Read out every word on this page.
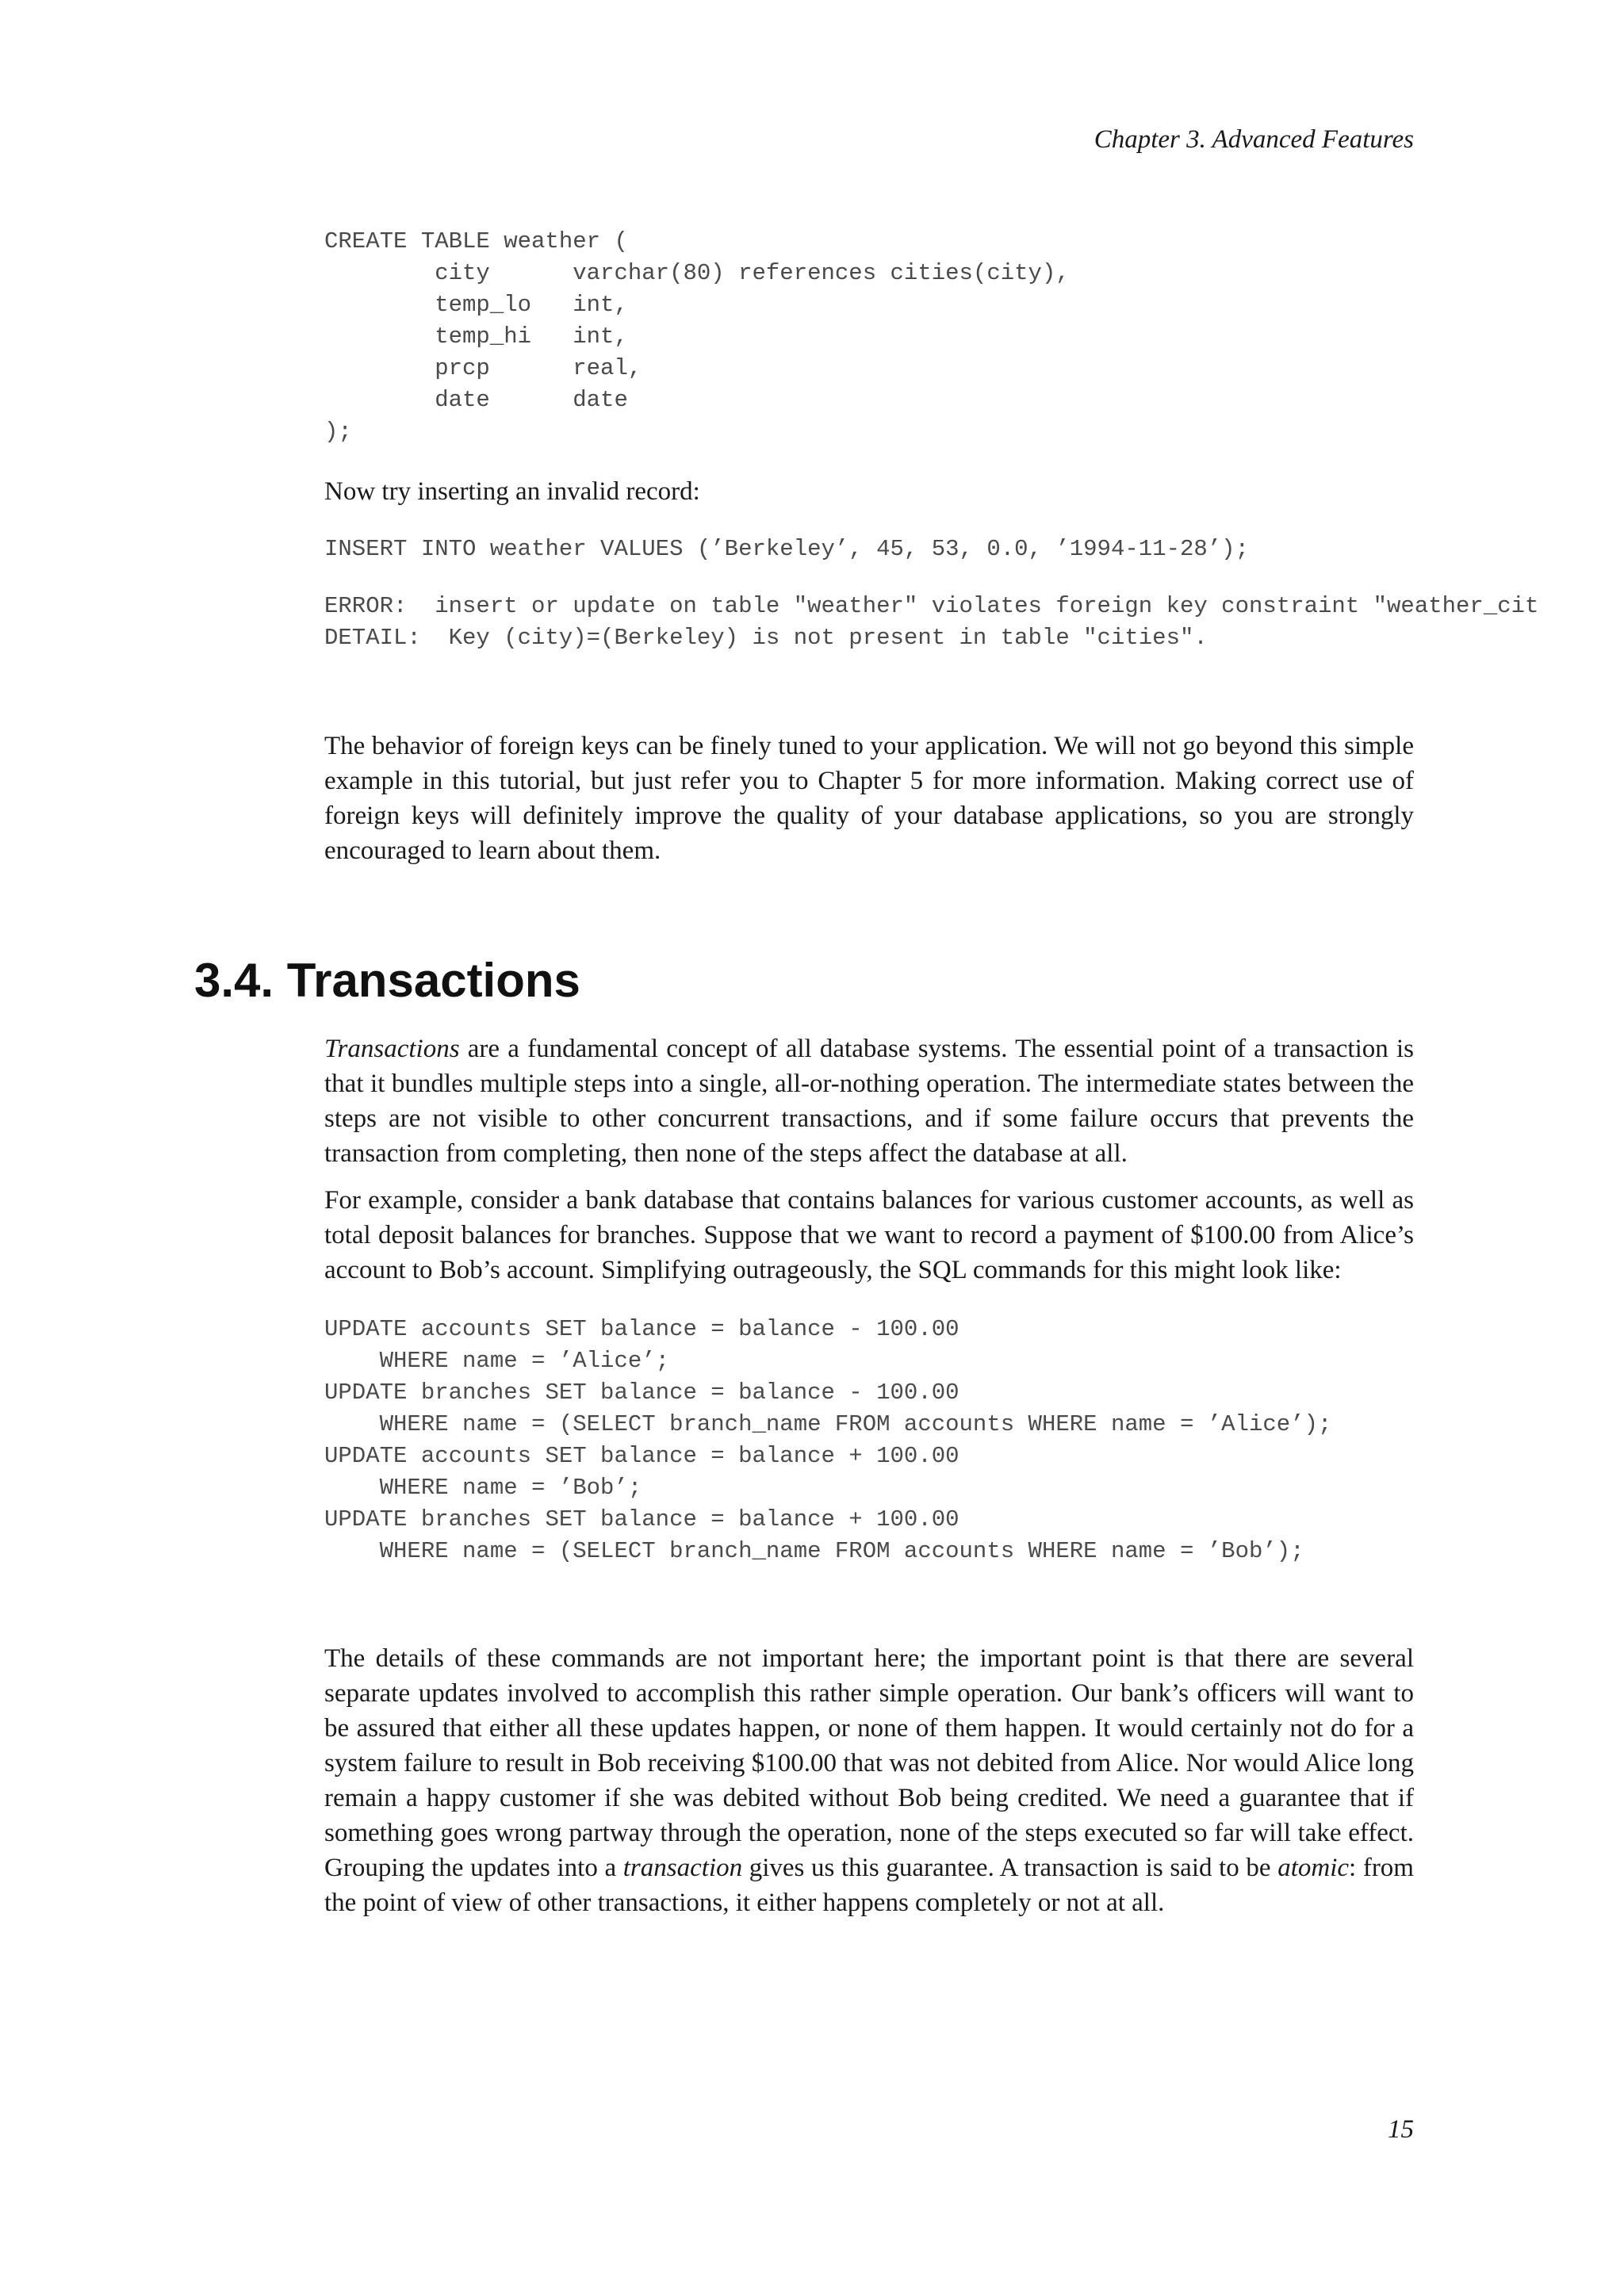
Chapter 3. Advanced Features
CREATE TABLE weather (
city      varchar(80) references cities(city),
temp_lo   int,
temp_hi   int,
prcp      real,
date      date
);

Now try inserting an invalid record:

INSERT INTO weather VALUES (’Berkeley’, 45, 53, 0.0, ’1994-11-28’);
ERROR:  insert or update on table "weather" violates foreign key constraint "weather_cit
DETAIL:  Key (city)=(Berkeley) is not present in table "cities".

The behavior of foreign keys can be finely tuned to your application. We will not go beyond this simple example in this tutorial, but just refer you to Chapter 5 for more information. Making correct use of foreign keys will definitely improve the quality of your database applications, so you are strongly encouraged to learn about them.

3.4. Transactions

Transactions are a fundamental concept of all database systems. The essential point of a transaction is that it bundles multiple steps into a single, all-or-nothing operation. The intermediate states between the steps are not visible to other concurrent transactions, and if some failure occurs that prevents the transaction from completing, then none of the steps affect the database at all.

For example, consider a bank database that contains balances for various customer accounts, as well as total deposit balances for branches. Suppose that we want to record a payment of $100.00 from Alice’s account to Bob’s account. Simplifying outrageously, the SQL commands for this might look like:

UPDATE accounts SET balance = balance - 100.00
WHERE name = ’Alice’;
UPDATE branches SET balance = balance - 100.00
WHERE name = (SELECT branch_name FROM accounts WHERE name = ’Alice’);
UPDATE accounts SET balance = balance + 100.00
WHERE name = ’Bob’;
UPDATE branches SET balance = balance + 100.00
WHERE name = (SELECT branch_name FROM accounts WHERE name = ’Bob’);

The details of these commands are not important here; the important point is that there are several separate updates involved to accomplish this rather simple operation. Our bank’s officers will want to be assured that either all these updates happen, or none of them happen. It would certainly not do for a system failure to result in Bob receiving $100.00 that was not debited from Alice. Nor would Alice long remain a happy customer if she was debited without Bob being credited. We need a guarantee that if something goes wrong partway through the operation, none of the steps executed so far will take effect. Grouping the updates into a transaction gives us this guarantee. A transaction is said to be atomic: from the point of view of other transactions, it either happens completely or not at all.

15
